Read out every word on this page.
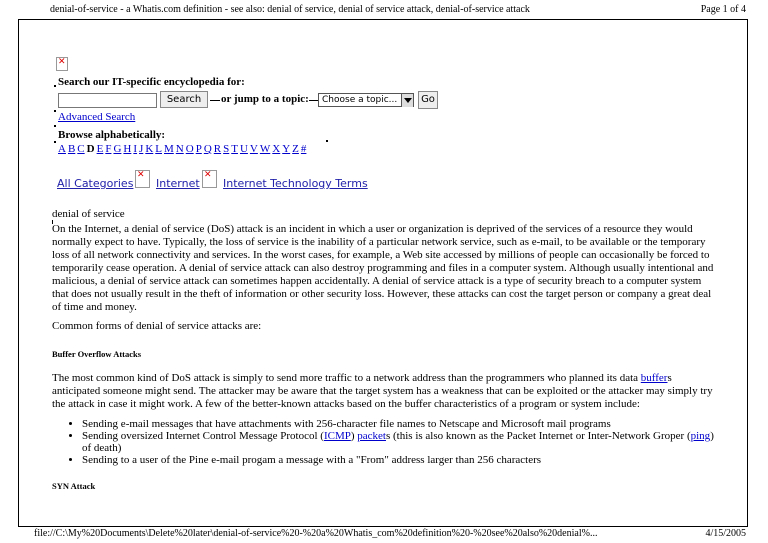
denial-of-service - a Whatis.com definition - see also: denial of service, denial of service attack, denial-of-service attack	Page 1 of 4
✕
Search our IT-specific encyclopedia for:
Search	or jump to a topic:	Choose a topic...	Go
Advanced Search
Browse alphabetically:
A B C D E F G H I J K L M N O P Q R S T U V W X Y Z #
All Categories ✕ Internet ✕ Internet Technology Terms
denial of service
On the Internet, a denial of service (DoS) attack is an incident in which a user or organization is deprived of the services of a resource they would normally expect to have. Typically, the loss of service is the inability of a particular network service, such as e-mail, to be available or the temporary loss of all network connectivity and services. In the worst cases, for example, a Web site accessed by millions of people can occasionally be forced to temporarily cease operation. A denial of service attack can also destroy programming and files in a computer system. Although usually intentional and malicious, a denial of service attack can sometimes happen accidentally. A denial of service attack is a type of security breach to a computer system that does not usually result in the theft of information or other security loss. However, these attacks can cost the target person or company a great deal of time and money.
Common forms of denial of service attacks are:
Buffer Overflow Attacks
The most common kind of DoS attack is simply to send more traffic to a network address than the programmers who planned its data buffers anticipated someone might send. The attacker may be aware that the target system has a weakness that can be exploited or the attacker may simply try the attack in case it might work. A few of the better-known attacks based on the buffer characteristics of a program or system include:
• Sending e-mail messages that have attachments with 256-character file names to Netscape and Microsoft mail programs
• Sending oversized Internet Control Message Protocol (ICMP) packets (this is also known as the Packet Internet or Inter-Network Groper (ping) of death)
• Sending to a user of the Pine e-mail progam a message with a "From" address larger than 256 characters
SYN Attack
file://C:\My%20Documents\Delete%20later\denial-of-service%20-%20a%20Whatis_com%20definition%20-%20see%20also%20denial%...	4/15/2005
